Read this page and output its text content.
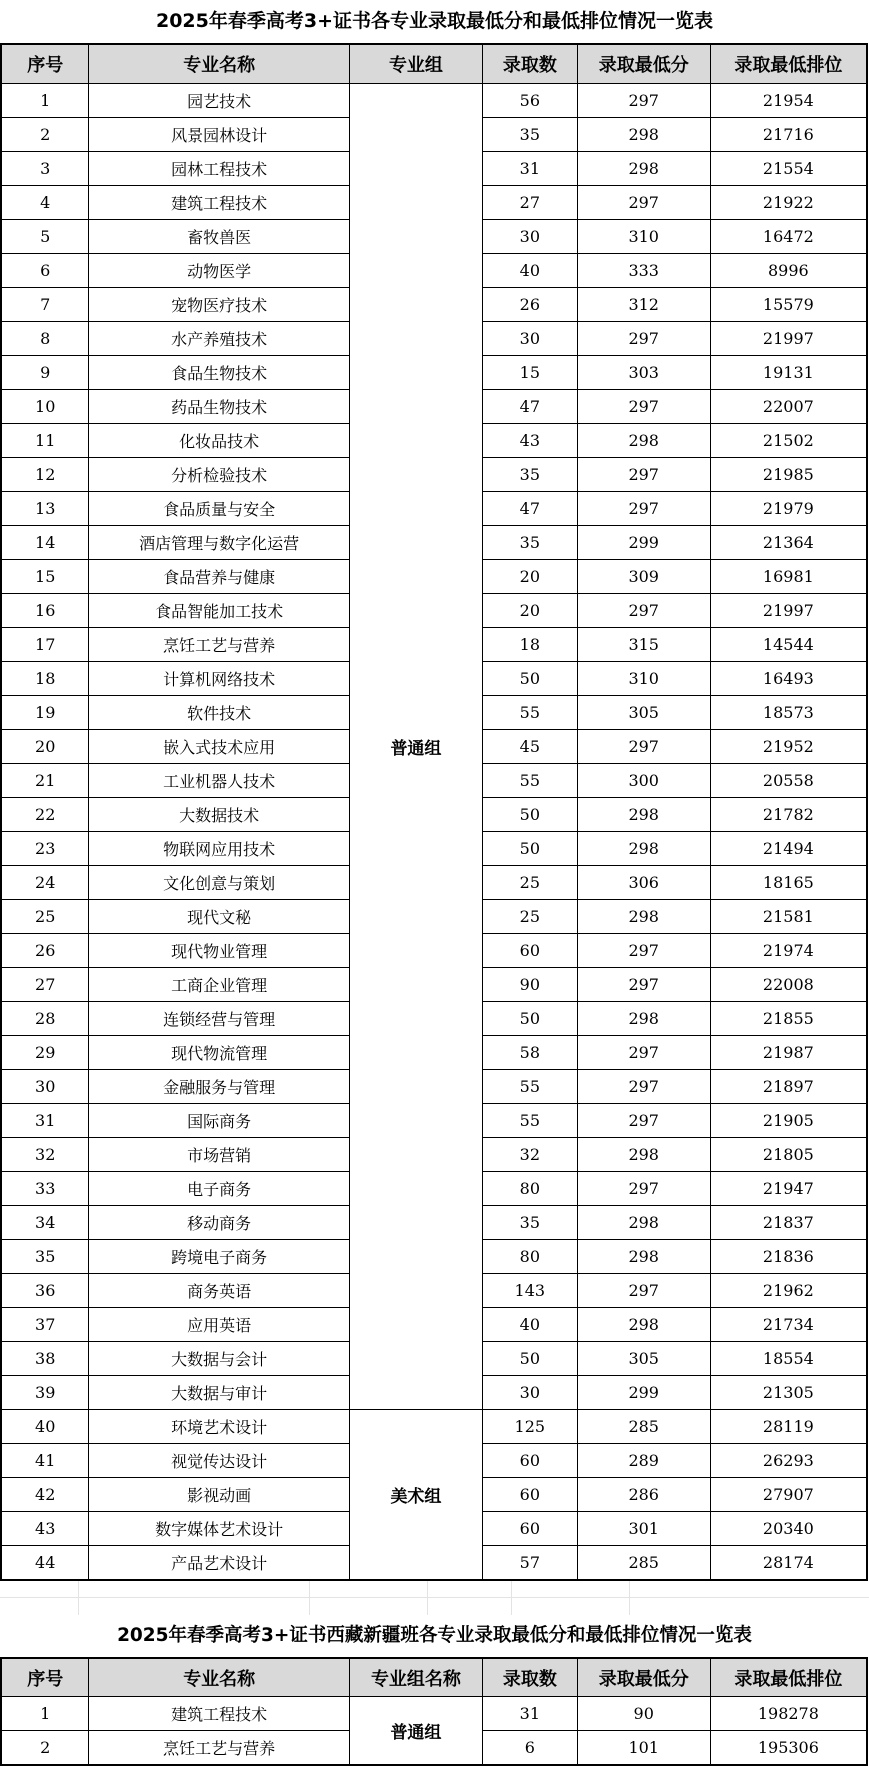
2025年春季高考3+证书各专业录取最低分和最低排位情况一览表
序号	专业名称	专业组	录取数	录取最低分	录取最低排位
1	园艺技术	普通组	56	297	21954
2	风景园林设计		35	298	21716
3	园林工程技术		31	298	21554
4	建筑工程技术		27	297	21922
5	畜牧兽医		30	310	16472
6	动物医学		40	333	8996
7	宠物医疗技术		26	312	15579
8	水产养殖技术		30	297	21997
9	食品生物技术		15	303	19131
10	药品生物技术		47	297	22007
11	化妆品技术		43	298	21502
12	分析检验技术		35	297	21985
13	食品质量与安全		47	297	21979
14	酒店管理与数字化运营		35	299	21364
15	食品营养与健康		20	309	16981
16	食品智能加工技术		20	297	21997
17	烹饪工艺与营养		18	315	14544
18	计算机网络技术		50	310	16493
19	软件技术		55	305	18573
20	嵌入式技术应用		45	297	21952
21	工业机器人技术		55	300	20558
22	大数据技术		50	298	21782
23	物联网应用技术		50	298	21494
24	文化创意与策划		25	306	18165
25	现代文秘		25	298	21581
26	现代物业管理		60	297	21974
27	工商企业管理		90	297	22008
28	连锁经营与管理		50	298	21855
29	现代物流管理		58	297	21987
30	金融服务与管理		55	297	21897
31	国际商务		55	297	21905
32	市场营销		32	298	21805
33	电子商务		80	297	21947
34	移动商务		35	298	21837
35	跨境电子商务		80	298	21836
36	商务英语		143	297	21962
37	应用英语		40	298	21734
38	大数据与会计		50	305	18554
39	大数据与审计		30	299	21305
40	环境艺术设计	美术组	125	285	28119
41	视觉传达设计		60	289	26293
42	影视动画		60	286	27907
43	数字媒体艺术设计		60	301	20340
44	产品艺术设计		57	285	28174
2025年春季高考3+证书西藏新疆班各专业录取最低分和最低排位情况一览表
序号	专业名称	专业组名称	录取数	录取最低分	录取最低排位
1	建筑工程技术	普通组	31	90	198278
2	烹饪工艺与营养		6	101	195306
